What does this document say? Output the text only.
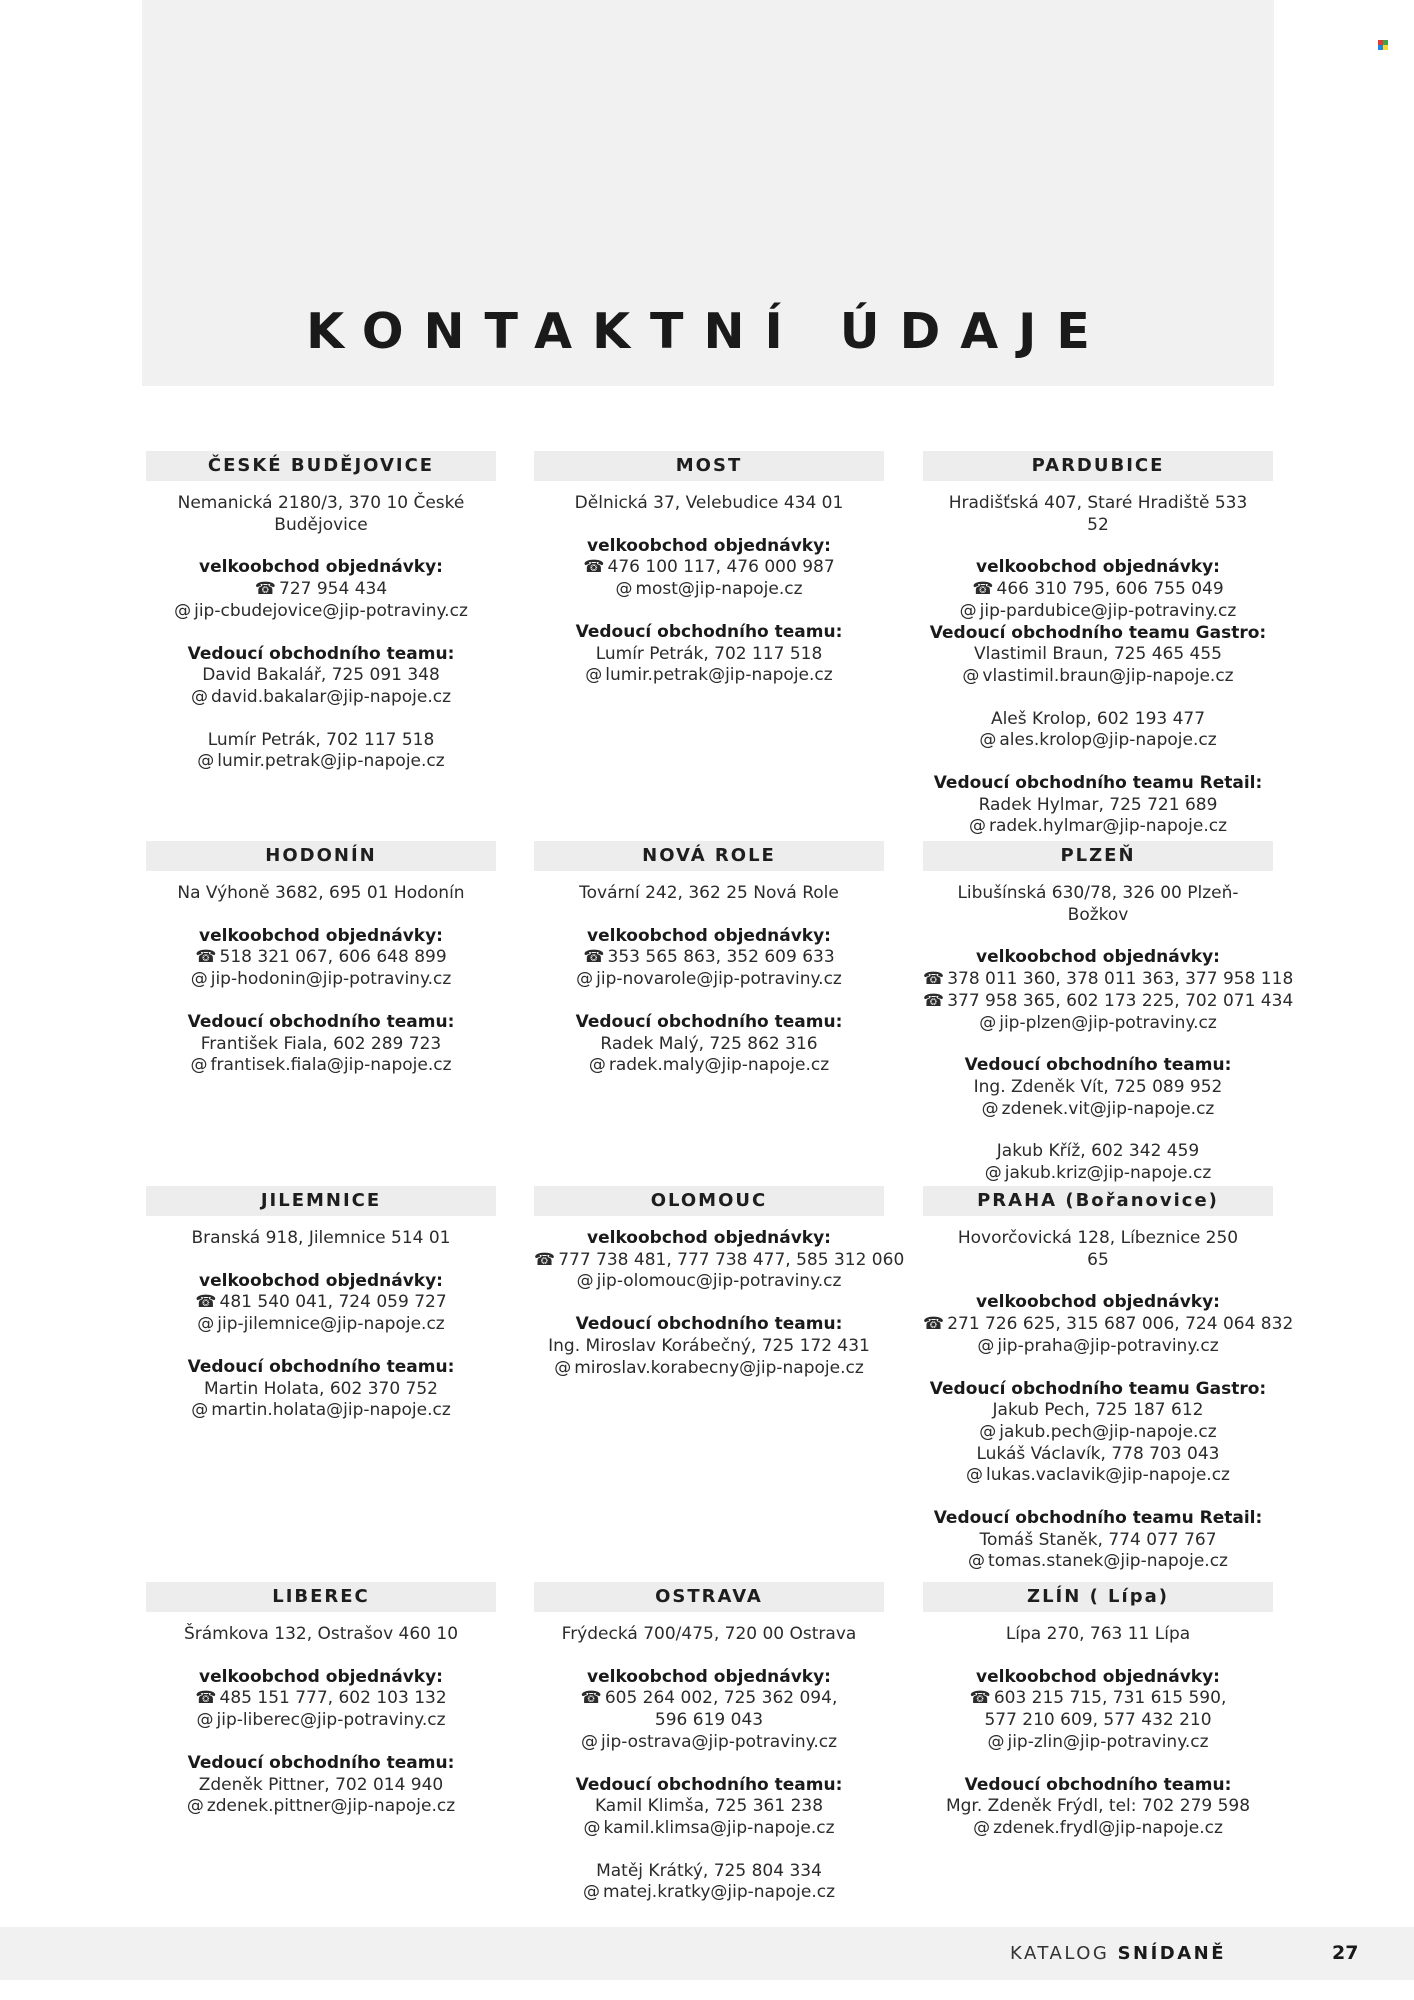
KONTAKTNÍ ÚDAJE
ČESKÉ BUDĚJOVICE
Nemanická 2180/3, 370 10 České Budějovice
velkoobchod objednávky:
☎ 727 954 434
@ jip-cbudejovice@jip-potraviny.cz
Vedoucí obchodního teamu:
David Bakalář, 725 091 348
@ david.bakalar@jip-napoje.cz
Lumír Petrák, 702 117 518
@ lumir.petrak@jip-napoje.cz
MOST
Dělnická 37, Velebudice 434 01
velkoobchod objednávky:
☎ 476 100 117, 476 000 987
@ most@jip-napoje.cz
Vedoucí obchodního teamu:
Lumír Petrák, 702 117 518
@ lumir.petrak@jip-napoje.cz
PARDUBICE
Hradišťská 407, Staré Hradiště 533 52
velkoobchod objednávky:
☎ 466 310 795, 606 755 049
@ jip-pardubice@jip-potraviny.cz
Vedoucí obchodního teamu Gastro:
Vlastimil Braun, 725 465 455
@ vlastimil.braun@jip-napoje.cz
Aleš Krolop, 602 193 477
@ ales.krolop@jip-napoje.cz
Vedoucí obchodního teamu Retail:
Radek Hylmar, 725 721 689
@ radek.hylmar@jip-napoje.cz
HODONÍN
Na Výhoně 3682, 695 01 Hodonín
velkoobchod objednávky:
☎ 518 321 067, 606 648 899
@ jip-hodonin@jip-potraviny.cz
Vedoucí obchodního teamu:
František Fiala, 602 289 723
@ frantisek.fiala@jip-napoje.cz
NOVÁ ROLE
Tovární 242, 362 25 Nová Role
velkoobchod objednávky:
☎ 353 565 863, 352 609 633
@ jip-novarole@jip-potraviny.cz
Vedoucí obchodního teamu:
Radek Malý, 725 862 316
@ radek.maly@jip-napoje.cz
PLZEŇ
Libušínská 630/78, 326 00 Plzeň-Božkov
velkoobchod objednávky:
☎ 378 011 360, 378 011 363, 377 958 118
☎ 377 958 365, 602 173 225, 702 071 434
@ jip-plzen@jip-potraviny.cz
Vedoucí obchodního teamu:
Ing. Zdeněk Vít, 725 089 952
@ zdenek.vit@jip-napoje.cz
Jakub Kříž, 602 342 459
@ jakub.kriz@jip-napoje.cz
JILEMNICE
Branská 918, Jilemnice 514 01
velkoobchod objednávky:
☎ 481 540 041, 724 059 727
@ jip-jilemnice@jip-napoje.cz
Vedoucí obchodního teamu:
Martin Holata, 602 370 752
@ martin.holata@jip-napoje.cz
OLOMOUC
velkoobchod objednávky:
☎ 777 738 481, 777 738 477, 585 312 060
@ jip-olomouc@jip-potraviny.cz
Vedoucí obchodního teamu:
Ing. Miroslav Korábečný, 725 172 431
@ miroslav.korabecny@jip-napoje.cz
PRAHA (Bořanovice)
Hovorčovická 128, Líbeznice 250 65
velkoobchod objednávky:
☎ 271 726 625, 315 687 006, 724 064 832
@ jip-praha@jip-potraviny.cz
Vedoucí obchodního teamu Gastro:
Jakub Pech, 725 187 612
@ jakub.pech@jip-napoje.cz
Lukáš Václavík, 778 703 043
@ lukas.vaclavik@jip-napoje.cz
Vedoucí obchodního teamu Retail:
Tomáš Staněk, 774 077 767
@ tomas.stanek@jip-napoje.cz
LIBEREC
Šrámkova 132, Ostrašov 460 10
velkoobchod objednávky:
☎ 485 151 777, 602 103 132
@ jip-liberec@jip-potraviny.cz
Vedoucí obchodního teamu:
Zdeněk Pittner, 702 014 940
@ zdenek.pittner@jip-napoje.cz
OSTRAVA
Frýdecká 700/475, 720 00 Ostrava
velkoobchod objednávky:
☎ 605 264 002, 725 362 094,
596 619 043
@ jip-ostrava@jip-potraviny.cz
Vedoucí obchodního teamu:
Kamil Klimša, 725 361 238
@ kamil.klimsa@jip-napoje.cz
Matěj Krátký, 725 804 334
@ matej.kratky@jip-napoje.cz
ZLÍN ( Lípa)
Lípa 270, 763 11 Lípa
velkoobchod objednávky:
☎ 603 215 715, 731 615 590,
577 210 609, 577 432 210
@ jip-zlin@jip-potraviny.cz
Vedoucí obchodního teamu:
Mgr. Zdeněk Frýdl, tel: 702 279 598
@ zdenek.frydl@jip-napoje.cz
KATALOG SNÍDANĚ	27
